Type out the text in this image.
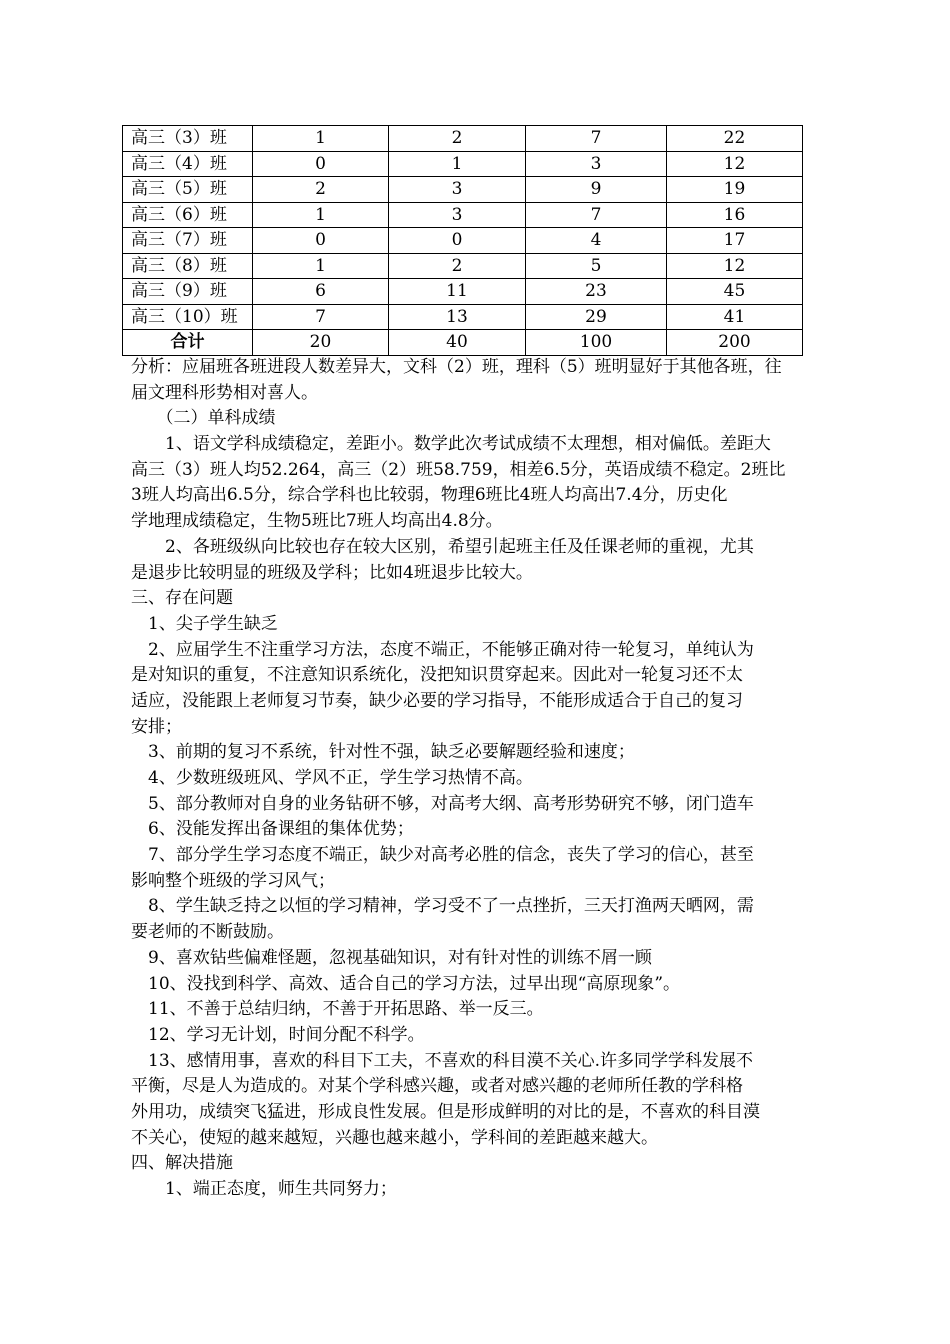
高三（3）班	1	2	7	22
高三（4）班	0	1	3	12
高三（5）班	2	3	9	19
高三（6）班	1	3	7	16
高三（7）班	0	0	4	17
高三（8）班	1	2	5	12
高三（9）班	6	11	23	45
高三（10）班	7	13	29	41
合计	20	40	100	200
分析：应届班各班进段人数差异大，文科（2）班，理科（5）班明显好于其他各班，往
届文理科形势相对喜人。
　　（二）单科成绩
　　1、语文学科成绩稳定，差距小。数学此次考试成绩不太理想，相对偏低。差距大
高三（3）班人均52.264，高三（2）班58.759，相差6.5分，英语成绩不稳定。2班比
3班人均高出6.5分，综合学科也比较弱，物理6班比4班人均高出7.4分，历史化
学地理成绩稳定，生物5班比7班人均高出4.8分。
　　2、各班级纵向比较也存在较大区别，希望引起班主任及任课老师的重视，尤其
是退步比较明显的班级及学科；比如4班退步比较大。
三、存在问题
　1、尖子学生缺乏
　2、应届学生不注重学习方法，态度不端正，不能够正确对待一轮复习，单纯认为
是对知识的重复，不注意知识系统化，没把知识贯穿起来。因此对一轮复习还不太
适应，没能跟上老师复习节奏，缺少必要的学习指导，不能形成适合于自己的复习
安排；
　3、前期的复习不系统，针对性不强，缺乏必要解题经验和速度；
　4、少数班级班风、学风不正，学生学习热情不高。
　5、部分教师对自身的业务钻研不够，对高考大纲、高考形势研究不够，闭门造车
　6、没能发挥出备课组的集体优势；
　7、部分学生学习态度不端正，缺少对高考必胜的信念，丧失了学习的信心，甚至
影响整个班级的学习风气；
　8、学生缺乏持之以恒的学习精神，学习受不了一点挫折，三天打渔两天晒网，需
要老师的不断鼓励。
　9、喜欢钻些偏难怪题，忽视基础知识，对有针对性的训练不屑一顾
　10、没找到科学、高效、适合自己的学习方法，过早出现“高原现象”。
　11、不善于总结归纳，不善于开拓思路、举一反三。
　12、学习无计划，时间分配不科学。
　13、感情用事，喜欢的科目下工夫，不喜欢的科目漠不关心.许多同学学科发展不
平衡，尽是人为造成的。对某个学科感兴趣，或者对感兴趣的老师所任教的学科格
外用功，成绩突飞猛进，形成良性发展。但是形成鲜明的对比的是，不喜欢的科目漠
不关心，使短的越来越短，兴趣也越来越小，学科间的差距越来越大。
四、解决措施
　　1、端正态度，师生共同努力；
